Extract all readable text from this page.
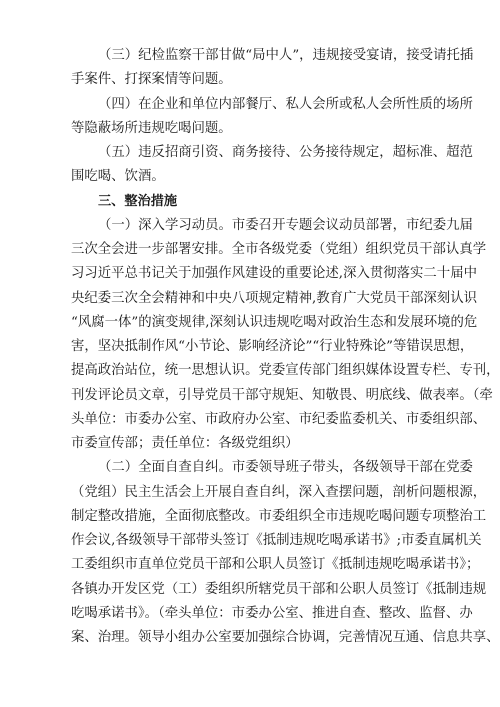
（三）纪检监察干部甘做“局中人”，违规接受宴请，接受请托插
手案件、打探案情等问题。
（四）在企业和单位内部餐厅、私人会所或私人会所性质的场所
等隐蔽场所违规吃喝问题。
（五）违反招商引资、商务接待、公务接待规定，超标准、超范
围吃喝、饮酒。
三、整治措施
（一）深入学习动员。市委召开专题会议动员部署，市纪委九届
三次全会进一步部署安排。全市各级党委（党组）组织党员干部认真学
习习近平总书记关于加强作风建设的重要论述,深入贯彻落实二十届中
央纪委三次全会精神和中央八项规定精神,教育广大党员干部深刻认识
“风腐一体”的演变规律,深刻认识违规吃喝对政治生态和发展环境的危
害，坚决抵制作风“小节论、影响经济论”“行业特殊论”等错误思想，
提高政治站位，统一思想认识。党委宣传部门组织媒体设置专栏、专刊，
刊发评论员文章，引导党员干部守规矩、知敬畏、明底线、做表率。（牵
头单位：市委办公室、市政府办公室、市纪委监委机关、市委组织部、
市委宣传部；责任单位：各级党组织）
（二）全面自查自纠。市委领导班子带头，各级领导干部在党委
（党组）民主生活会上开展自查自纠，深入查摆问题，剖析问题根源，
制定整改措施，全面彻底整改。市委组织全市违规吃喝问题专项整治工
作会议,各级领导干部带头签订《抵制违规吃喝承诺书》;市委直属机关
工委组织市直单位党员干部和公职人员签订《抵制违规吃喝承诺书》；
各镇办开发区党（工）委组织所辖党员干部和公职人员签订《抵制违规
吃喝承诺书》。（牵头单位：市委办公室、推进自查、整改、监督、办
案、治理。领导小组办公室要加强综合协调，完善情况互通、信息共享、
